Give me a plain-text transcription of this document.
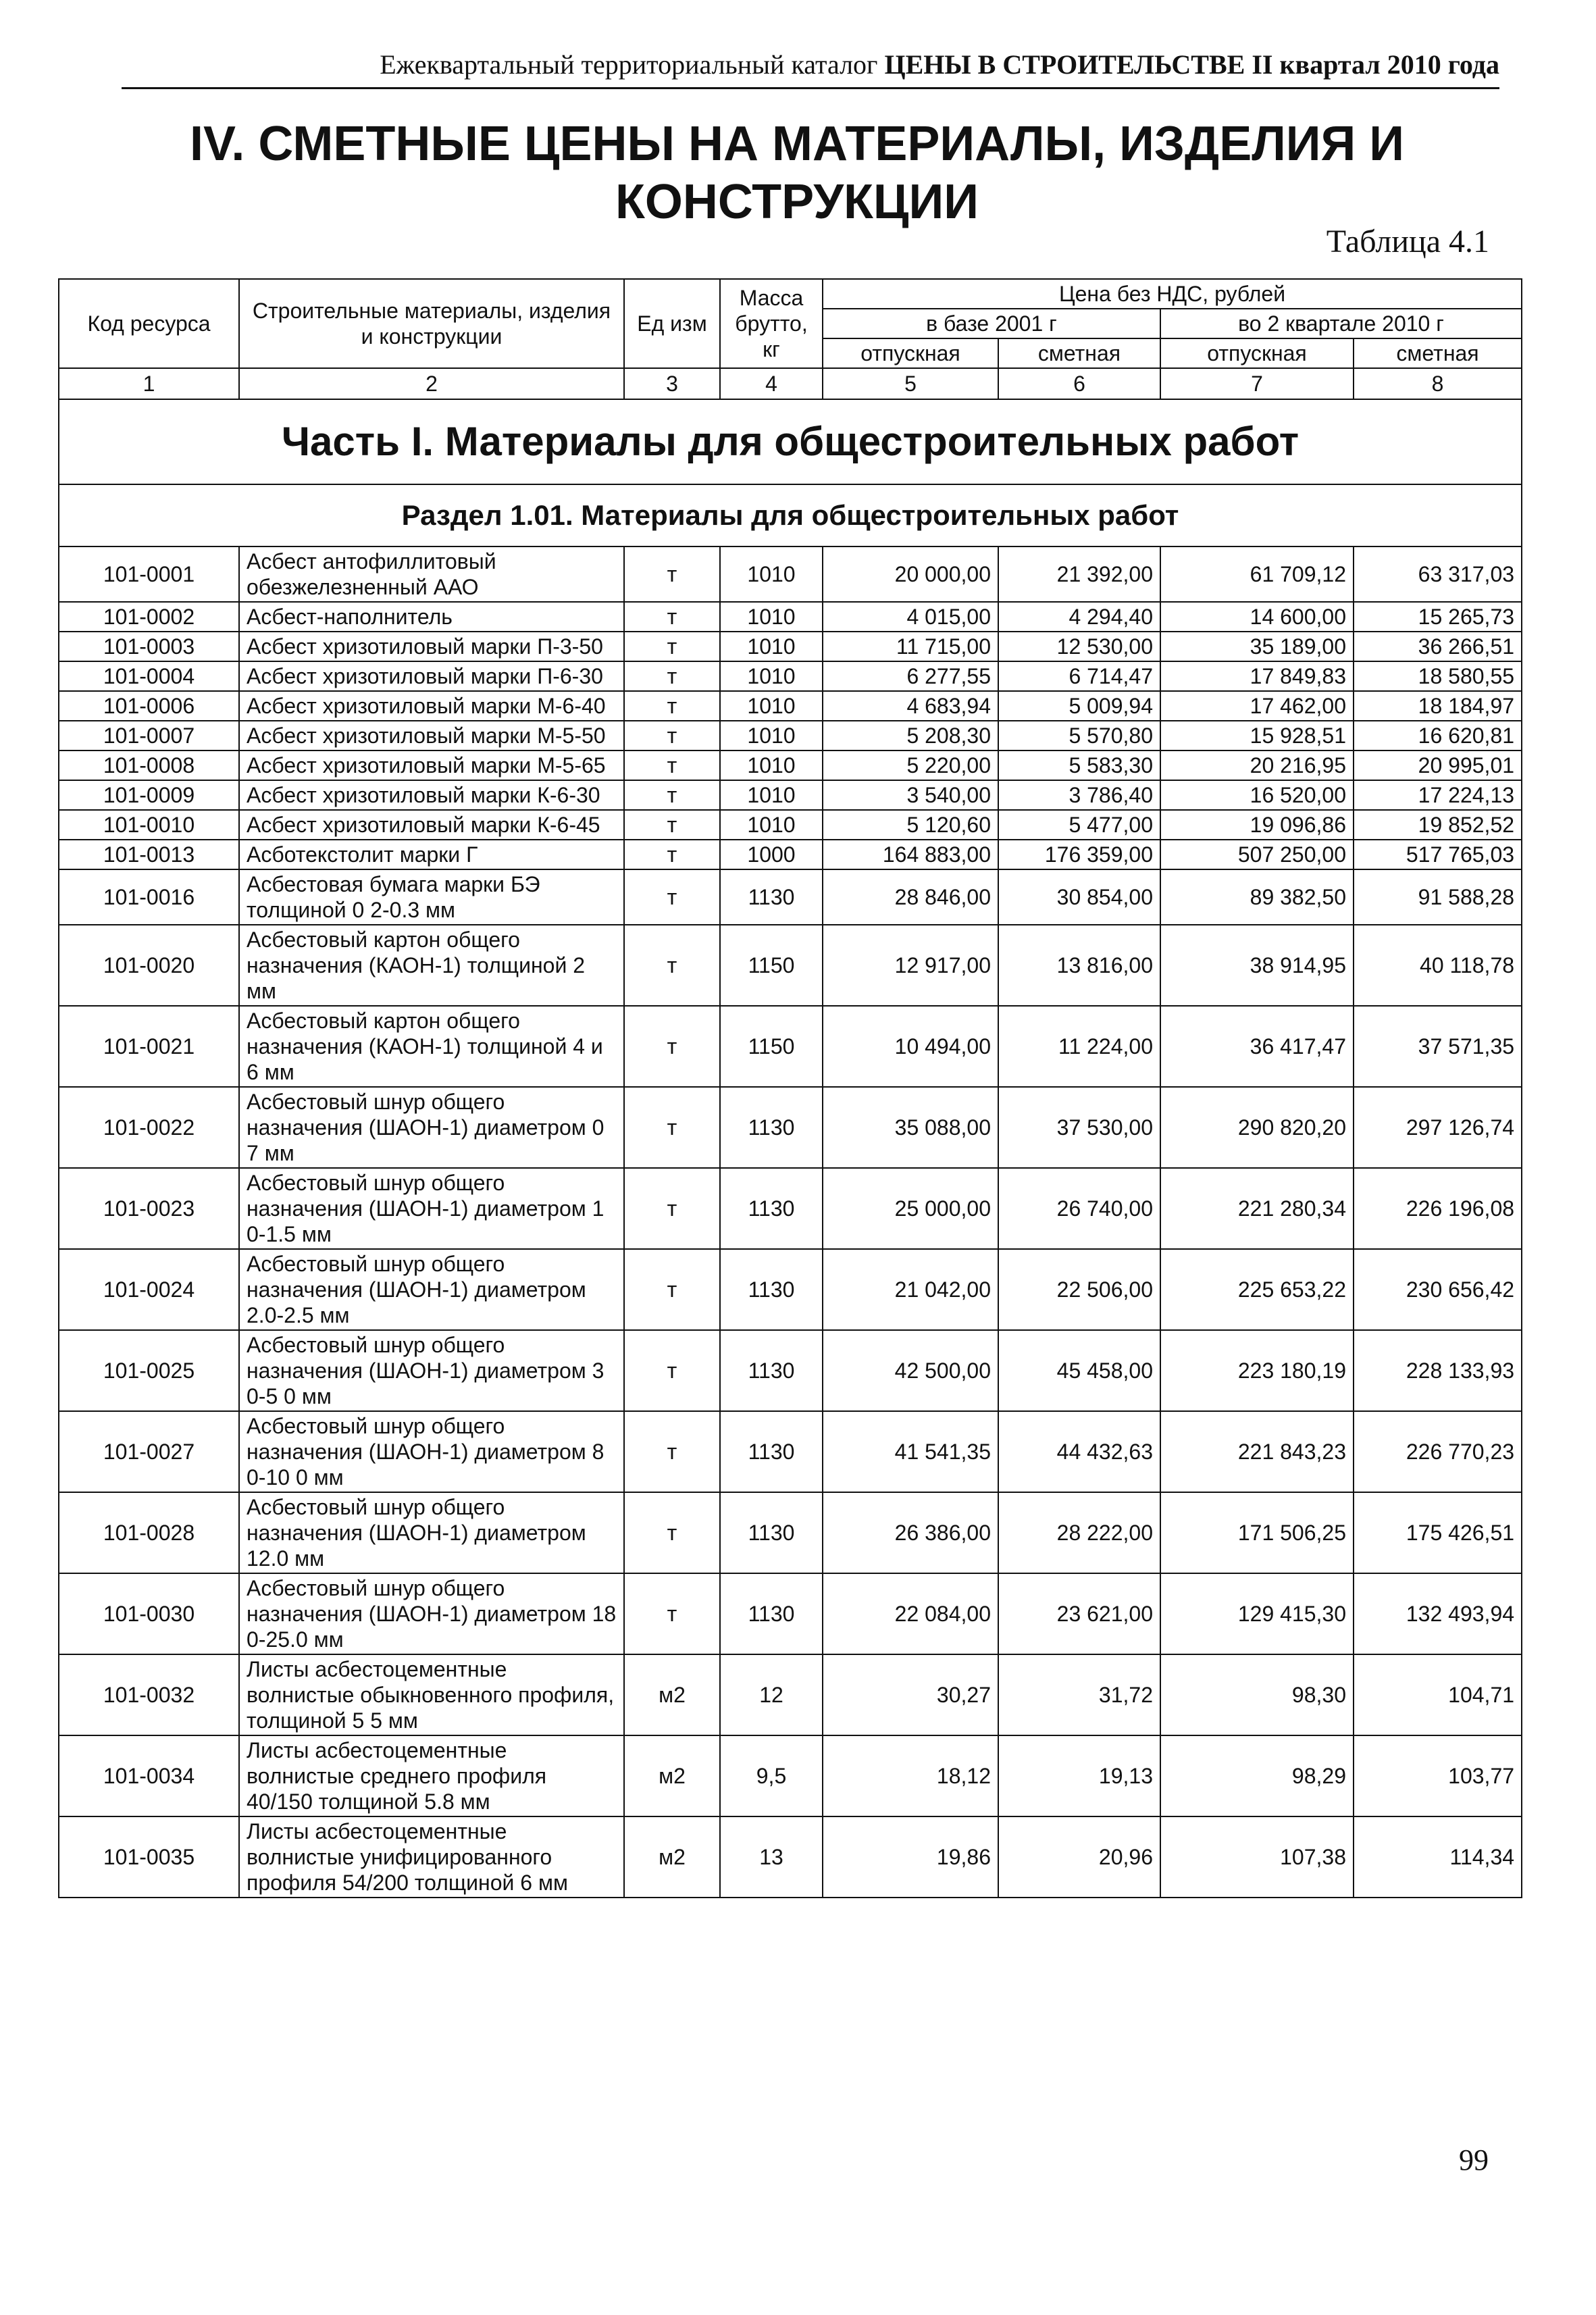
Ежеквартальный территориальный каталог ЦЕНЫ В СТРОИТЕЛЬСТВЕ II квартал 2010 года
IV. СМЕТНЫЕ ЦЕНЫ НА МАТЕРИАЛЫ, ИЗДЕЛИЯ И
КОНСТРУКЦИИ
Таблица 4.1
Код ресурса	Строительные материалы, изделия и конструкции	Ед изм	Масса брутто, кг	Цена без НДС, рублей			
				в базе 2001 г		во 2 квартале 2010 г	
				отпускная	сметная	отпускная	сметная
1	2	3	4	5	6	7	8
Часть I. Материалы для общестроительных работ							
Раздел 1.01. Материалы для общестроительных работ							
101-0001	Асбест антофиллитовый обезжелезненный ААО	т	1010	20 000,00	21 392,00	61 709,12	63 317,03
101-0002	Асбест-наполнитель	т	1010	4 015,00	4 294,40	14 600,00	15 265,73
101-0003	Асбест хризотиловый марки П-3-50	т	1010	11 715,00	12 530,00	35 189,00	36 266,51
101-0004	Асбест хризотиловый марки П-6-30	т	1010	6 277,55	6 714,47	17 849,83	18 580,55
101-0006	Асбест хризотиловый марки М-6-40	т	1010	4 683,94	5 009,94	17 462,00	18 184,97
101-0007	Асбест хризотиловый марки М-5-50	т	1010	5 208,30	5 570,80	15 928,51	16 620,81
101-0008	Асбест хризотиловый марки М-5-65	т	1010	5 220,00	5 583,30	20 216,95	20 995,01
101-0009	Асбест хризотиловый марки К-6-30	т	1010	3 540,00	3 786,40	16 520,00	17 224,13
101-0010	Асбест хризотиловый марки К-6-45	т	1010	5 120,60	5 477,00	19 096,86	19 852,52
101-0013	Асботекстолит марки Г	т	1000	164 883,00	176 359,00	507 250,00	517 765,03
101-0016	Асбестовая бумага марки БЭ толщиной 0 2-0.3 мм	т	1130	28 846,00	30 854,00	89 382,50	91 588,28
101-0020	Асбестовый картон общего назначения (КАОН-1) толщиной 2 мм	т	1150	12 917,00	13 816,00	38 914,95	40 118,78
101-0021	Асбестовый картон общего назначения (КАОН-1) толщиной 4 и 6 мм	т	1150	10 494,00	11 224,00	36 417,47	37 571,35
101-0022	Асбестовый шнур общего назначения (ШАОН-1) диаметром 0 7 мм	т	1130	35 088,00	37 530,00	290 820,20	297 126,74
101-0023	Асбестовый шнур общего назначения (ШАОН-1) диаметром 1 0-1.5 мм	т	1130	25 000,00	26 740,00	221 280,34	226 196,08
101-0024	Асбестовый шнур общего назначения (ШАОН-1) диаметром 2.0-2.5 мм	т	1130	21 042,00	22 506,00	225 653,22	230 656,42
101-0025	Асбестовый шнур общего назначения (ШАОН-1) диаметром 3 0-5 0 мм	т	1130	42 500,00	45 458,00	223 180,19	228 133,93
101-0027	Асбестовый шнур общего назначения (ШАОН-1) диаметром 8 0-10 0 мм	т	1130	41 541,35	44 432,63	221 843,23	226 770,23
101-0028	Асбестовый шнур общего назначения (ШАОН-1) диаметром 12.0 мм	т	1130	26 386,00	28 222,00	171 506,25	175 426,51
101-0030	Асбестовый шнур общего назначения (ШАОН-1) диаметром 18 0-25.0 мм	т	1130	22 084,00	23 621,00	129 415,30	132 493,94
101-0032	Листы асбестоцементные волнистые обыкновенного профиля, толщиной 5 5 мм	м2	12	30,27	31,72	98,30	104,71
101-0034	Листы асбестоцементные волнистые среднего профиля 40/150 толщиной 5.8 мм	м2	9,5	18,12	19,13	98,29	103,77
101-0035	Листы асбестоцементные волнистые унифицированного профиля 54/200 толщиной 6 мм	м2	13	19,86	20,96	107,38	114,34
99
